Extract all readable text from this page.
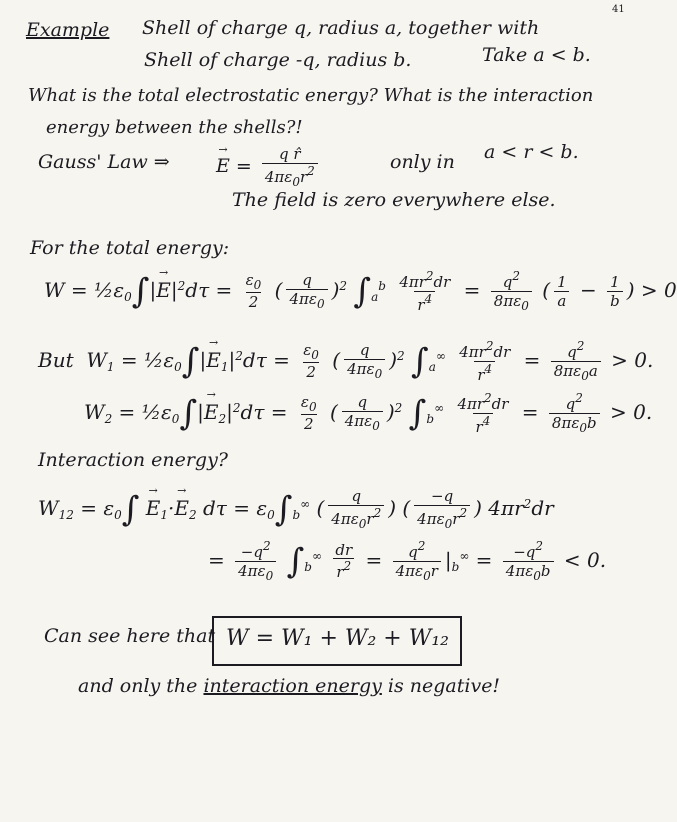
41
Example Shell of charge q, radius a, together with
Shell of charge -q, radius b.	Take a < b.
What is the total electrostatic energy? What is the interaction
energy between the shells?!
Gauss' Law ⇒ → $E = \frac{\text{q r̂}}{4\pi\varepsilon_0r^2}$	only in a < r < b.
The field is zero everywhere else.
For the total energy:
$W = \frac{1}{2}\varepsilon_0\int|\to E|^2d\tau = \frac{\varepsilon_0}{2}$ ( $\frac{q}{4\pi\varepsilon_0} )^2$ $\int_a^b \frac{4\pi r^2dr}{r^4} = \frac{q^2}{8\pi\varepsilon_0}$ ( $\frac{1}{a} - \frac{1}{b}$ ) > 0
But  $W_1$ = $\frac{1}{2}\varepsilon_0\int|\to E_1|^2d\tau = \frac{\varepsilon_0}{2}$ ( $\frac{q}{4\pi\varepsilon_0} )^2$ $\int_a^\infty \frac{4\pi r^2dr}{r^4} = \frac{q^2}{8\pi\varepsilon_0a} > 0$.
$W_2$ = $\frac{1}{2}\varepsilon_0\int|\to E_2|^2d\tau = \frac{\varepsilon_0}{2}$ ( $\frac{q}{4\pi\varepsilon_0} )^2$ $\int_b^\infty \frac{4\pi r^2dr}{r^4} = \frac{q^2}{8\pi\varepsilon_0b} > 0$.
Interaction energy?
$W_{12} = \varepsilon_0\int \to E_1\cdot\to E_2$ $d\tau = \varepsilon_0\int_b^\infty$ ( $\frac{q}{4\pi\varepsilon_0r^2}$ ) ( $\frac{-q}{4\pi\varepsilon_0r^2}$ ) $4\pi r^2dr$
= $\frac{-q^2}{4\pi\varepsilon_0} \int_b^\infty \frac{dr}{r^2} = \frac{q^2}{4\pi\varepsilon_0r} |_b^\infty = \frac{-q^2}{4\pi\varepsilon_0b} < 0$.
Can see here that W = W₁ + W₂ + W₁₂
and only the interaction energy is negative!
